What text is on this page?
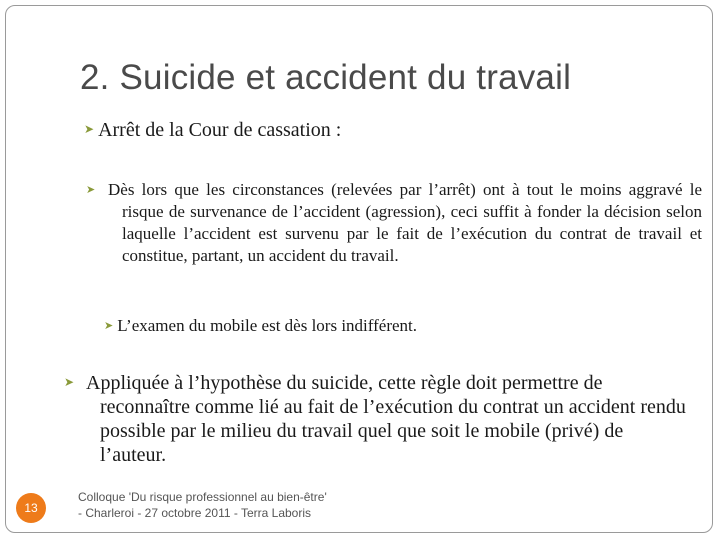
2. Suicide et accident du travail
➤ Arrêt de la Cour de cassation :
Dès lors que les circonstances (relevées par l’arrêt) ont à tout le moins aggravé le risque de survenance de l’accident (agression), ceci suffit à fonder la décision selon laquelle l’accident est survenu par le fait de l’exécution du contrat de travail et constitue, partant, un accident du travail.
➤ L’examen du mobile est dès lors indifférent.
Appliquée à l’hypothèse du suicide, cette règle doit permettre de reconnaître comme lié au fait de l’exécution du contrat un accident rendu possible par le milieu du travail quel que soit le mobile (privé) de l’auteur.
13
Colloque 'Du risque professionnel au bien-être'
- Charleroi - 27 octobre 2011 - Terra Laboris
